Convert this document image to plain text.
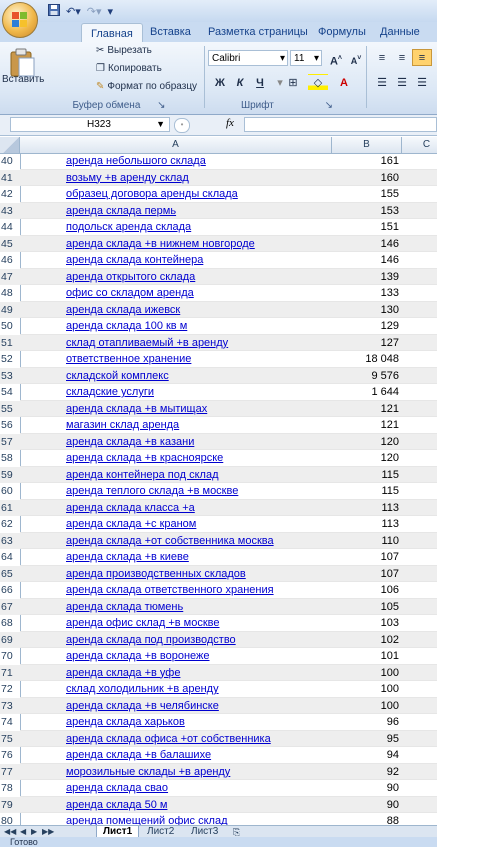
↶▾ ↷▾ ▾
Главная	Вставка Разметка страницы Формулы Данные
Вставить
✂ Вырезать
❐ Копировать
✎ Формат по образцу
Буфер обмена ↘
Calibri	▾ 11 ▾ A˄ A˅
Ж	К	Ч	▾ ⊞	◇	A
Шрифт	↘
≡	≡	≡
☰ ☰ ☰
H323	▼	•	fx
A	B	C
40	аренда небольшого склада	161
41	возьму +в аренду склад	160
42	образец договора аренды склада	155
43	аренда склада пермь	153
44	подольск аренда склада	151
45	аренда склада +в нижнем новгороде	146
46	аренда склада контейнера	146
47	аренда открытого склада	139
48	офис со складом аренда	133
49	аренда склада ижевск	130
50	аренда склада 100 кв м	129
51	склад отапливаемый +в аренду	127
52	ответственное хранение	18 048
53	складской комплекс	9 576
54	складские услуги	1 644
55	аренда склада +в мытищах	121
56	магазин склад аренда	121
57	аренда склада +в казани	120
58	аренда склада +в красноярске	120
59	аренда контейнера под склад	115
60	аренда теплого склада +в москве	115
61	аренда склада класса +а	113
62	аренда склада +с краном	113
63	аренда склада +от собственника москва	110
64	аренда склада +в киеве	107
65	аренда производственных складов	107
66	аренда склада ответственного хранения	106
67	аренда склада тюмень	105
68	аренда офис склад +в москве	103
69	аренда склада под производство	102
70	аренда склада +в воронеже	101
71	аренда склада +в уфе	100
72	склад холодильник +в аренду	100
73	аренда склада +в челябинске	100
74	аренда склада харьков	96
75	аренда склада офиса +от собственника	95
76	аренда склада +в балашихе	94
77	морозильные склады +в аренду	92
78	аренда склада свао	90
79	аренда склада 50 м	90
80	аренда помещений офис склад	88
◀◀ ◀ ▶ ▶▶	Лист1	Лист2	Лист3	⎘
Готово
